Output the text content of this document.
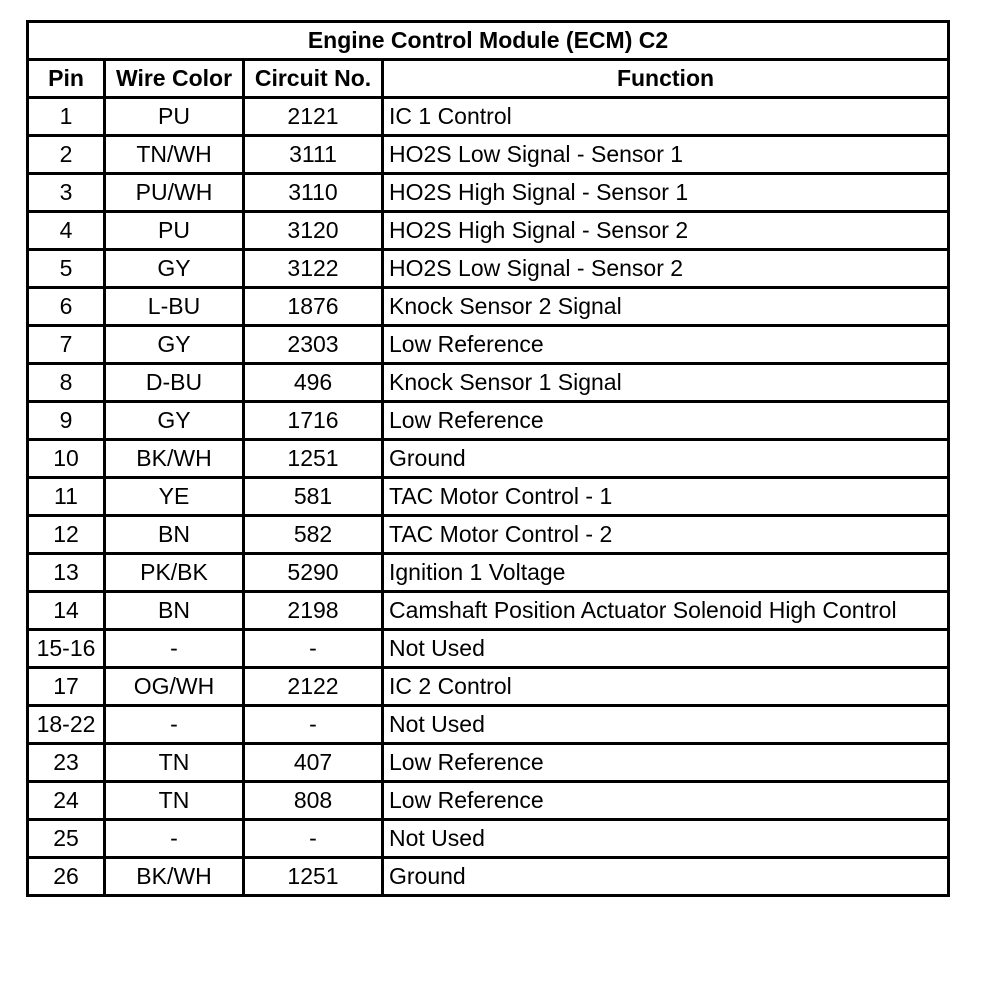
Engine Control Module (ECM) C2			
Pin	Wire Color	Circuit No.	Function
1	PU	2121	IC 1 Control
2	TN/WH	3111	HO2S Low Signal - Sensor 1
3	PU/WH	3110	HO2S High Signal - Sensor 1
4	PU	3120	HO2S High Signal - Sensor 2
5	GY	3122	HO2S Low Signal - Sensor 2
6	L-BU	1876	Knock Sensor 2 Signal
7	GY	2303	Low Reference
8	D-BU	496	Knock Sensor 1 Signal
9	GY	1716	Low Reference
10	BK/WH	1251	Ground
11	YE	581	TAC Motor Control - 1
12	BN	582	TAC Motor Control - 2
13	PK/BK	5290	Ignition 1 Voltage
14	BN	2198	Camshaft Position Actuator Solenoid High Control
15-16	-	-	Not Used
17	OG/WH	2122	IC 2 Control
18-22	-	-	Not Used
23	TN	407	Low Reference
24	TN	808	Low Reference
25	-	-	Not Used
26	BK/WH	1251	Ground
